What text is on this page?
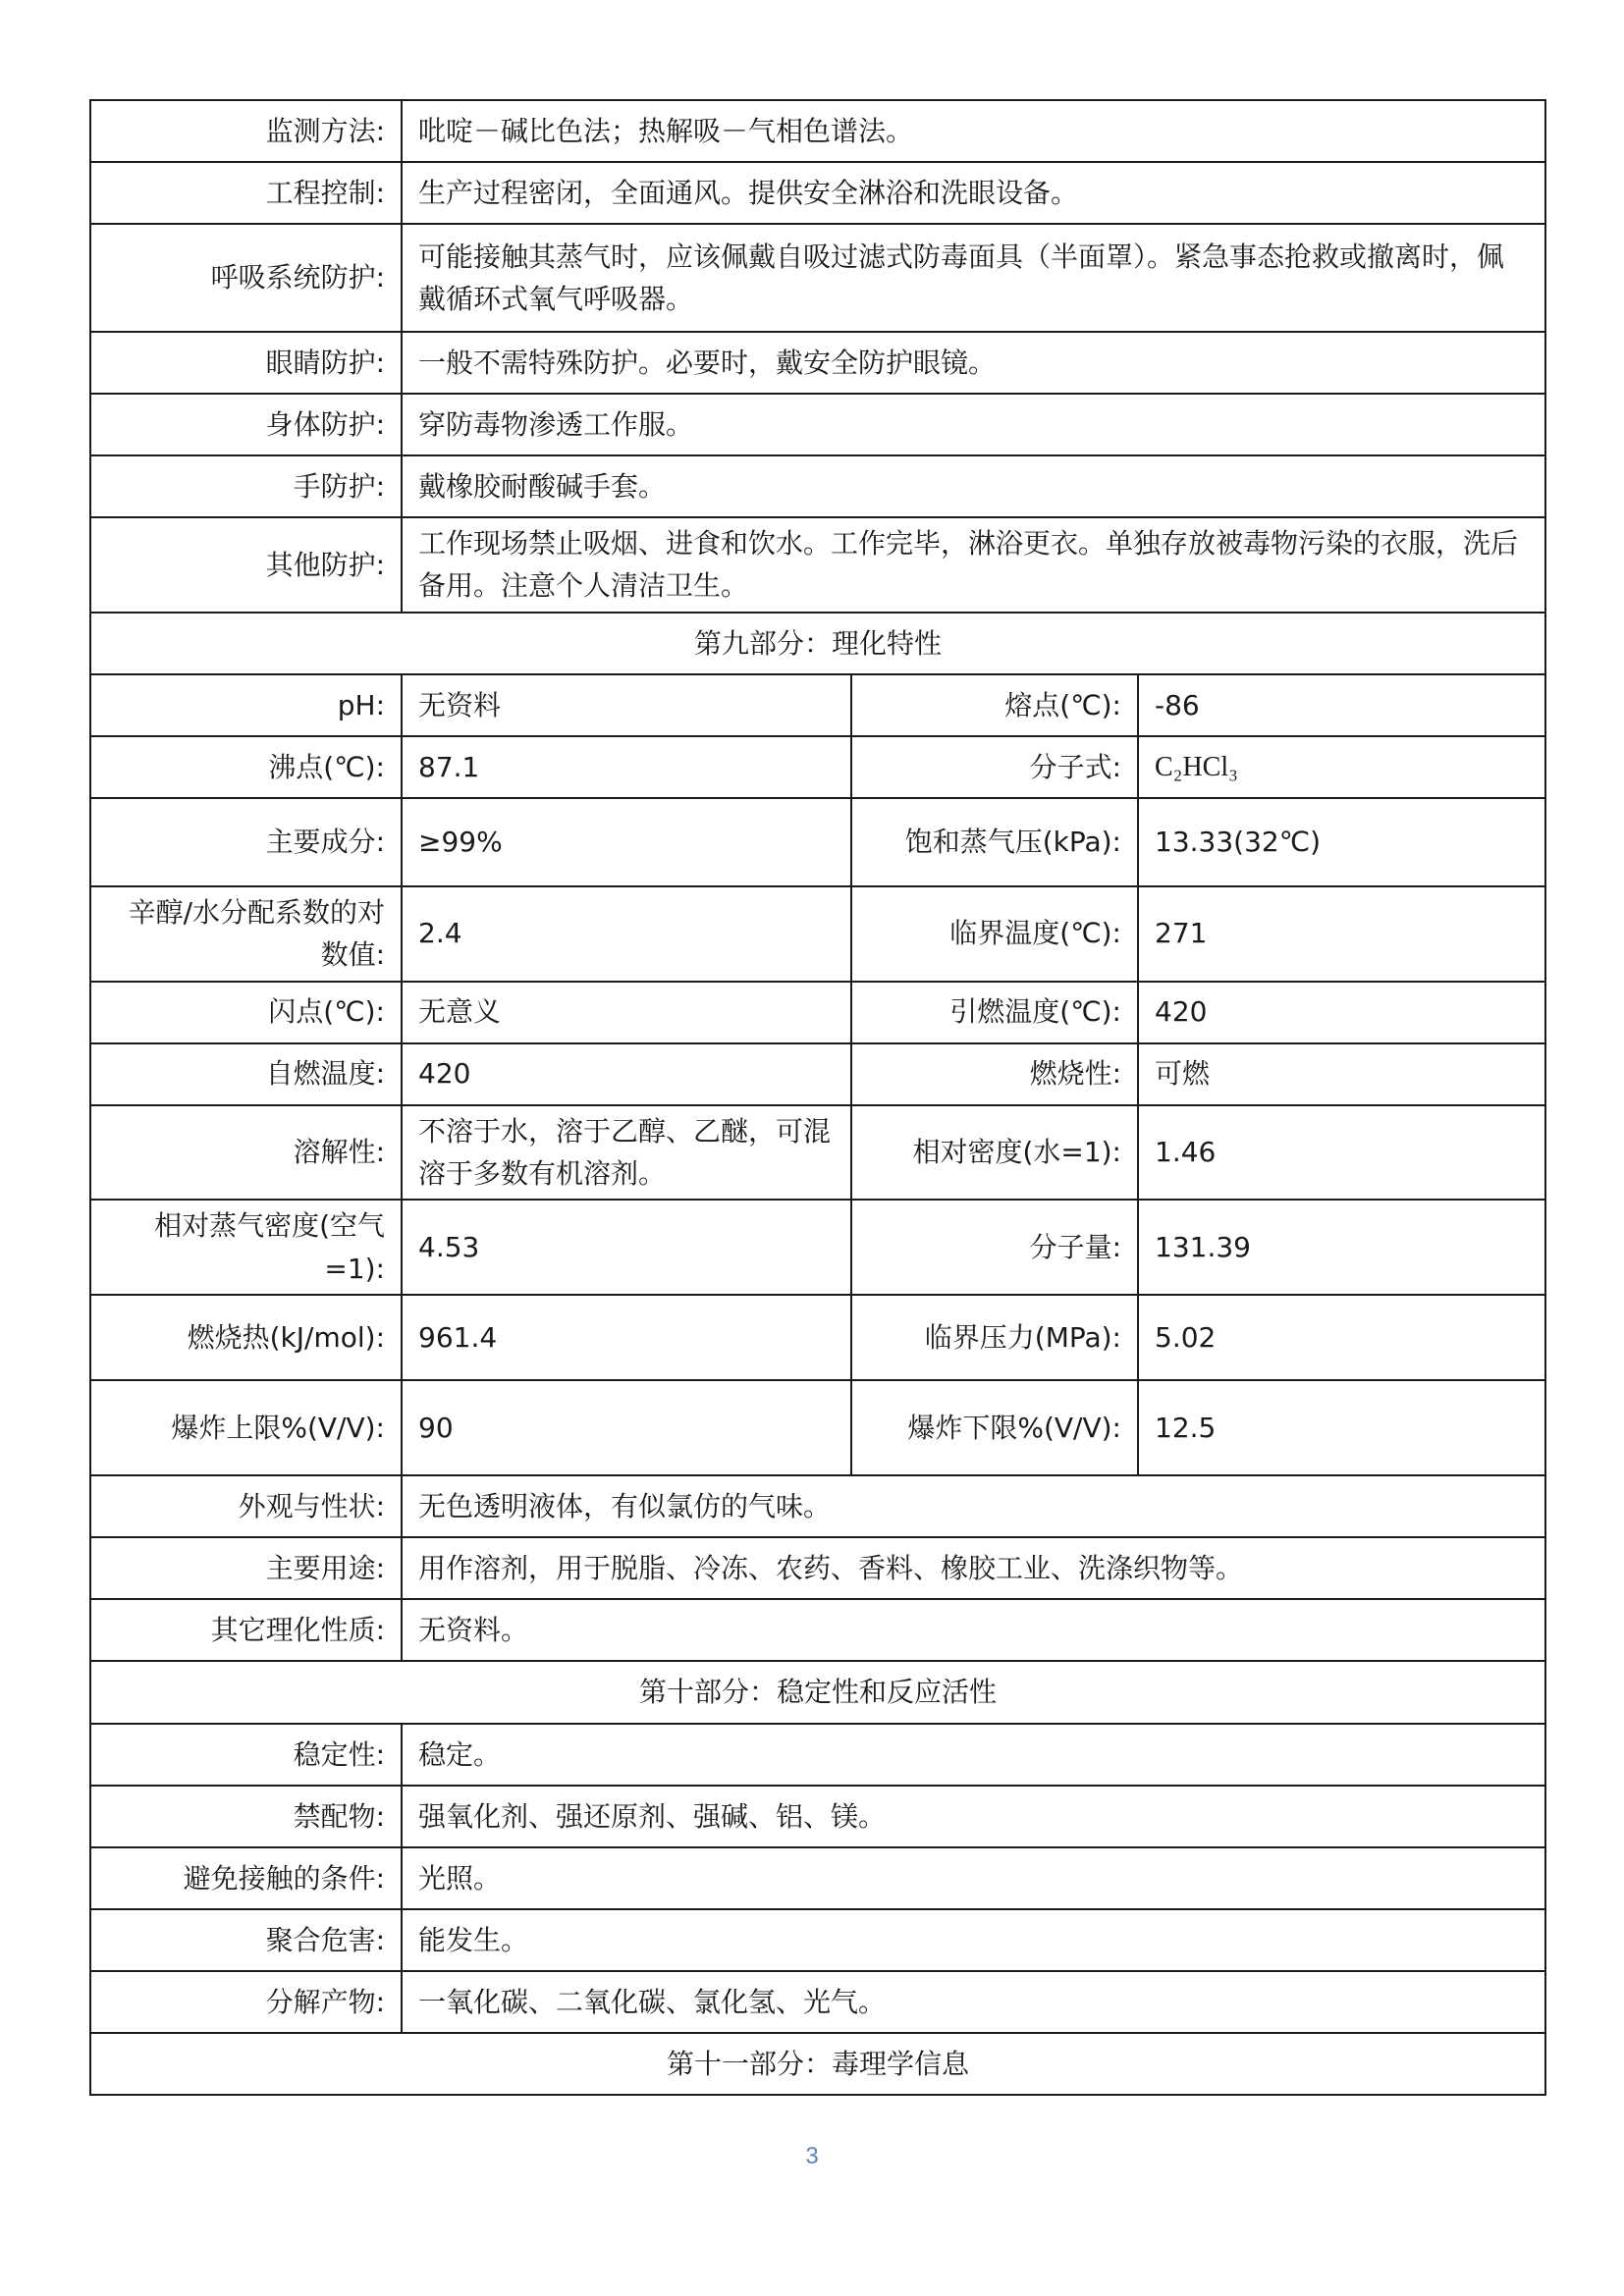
监测方法:	吡啶－碱比色法；热解吸－气相色谱法。		
工程控制:	生产过程密闭，全面通风。提供安全淋浴和洗眼设备。		
呼吸系统防护:	可能接触其蒸气时，应该佩戴自吸过滤式防毒面具（半面罩）。紧急事态抢救或撤离时，佩戴循环式氧气呼吸器。		
眼睛防护:	一般不需特殊防护。必要时，戴安全防护眼镜。		
身体防护:	穿防毒物渗透工作服。		
手防护:	戴橡胶耐酸碱手套。		
其他防护:	工作现场禁止吸烟、进食和饮水。工作完毕，淋浴更衣。单独存放被毒物污染的衣服，洗后备用。注意个人清洁卫生。		
第九部分：理化特性			
pH:	无资料	熔点(℃):	-86
沸点(℃):	87.1	分子式:	C₂HCl₃
主要成分:	≥99%	饱和蒸气压(kPa):	13.33(32℃)
辛醇/水分配系数的对数值:	2.4	临界温度(℃):	271
闪点(℃):	无意义	引燃温度(℃):	420
自燃温度:	420	燃烧性:	可燃
溶解性:	不溶于水，溶于乙醇、乙醚，可混溶于多数有机溶剂。	相对密度(水=1):	1.46
相对蒸气密度(空气=1):	4.53	分子量:	131.39
燃烧热(kJ/mol):	961.4	临界压力(MPa):	5.02
爆炸上限%(V/V):	90	爆炸下限%(V/V):	12.5
外观与性状:	无色透明液体，有似氯仿的气味。		
主要用途:	用作溶剂，用于脱脂、冷冻、农药、香料、橡胶工业、洗涤织物等。		
其它理化性质:	无资料。		
第十部分：稳定性和反应活性			
稳定性:	稳定。		
禁配物:	强氧化剂、强还原剂、强碱、铝、镁。		
避免接触的条件:	光照。		
聚合危害:	能发生。		
分解产物:	一氧化碳、二氧化碳、氯化氢、光气。		
第十一部分：毒理学信息			
3
